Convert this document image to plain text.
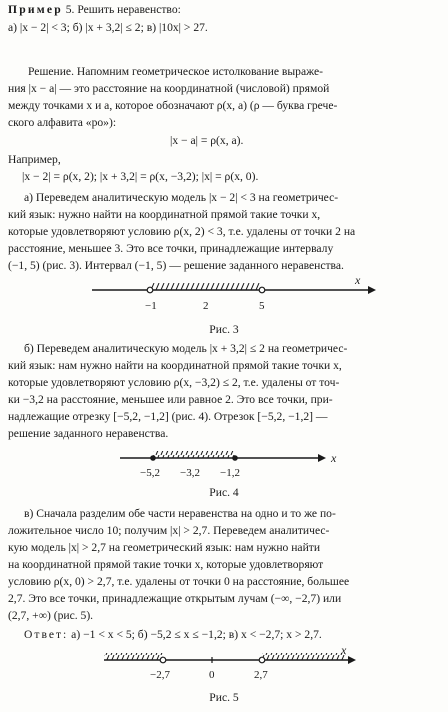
Пример 5. Решить неравенство:
а) |x − 2| < 3; б) |x + 3,2| ≤ 2; в) |10x| > 27.
Решение. Напомним геометрическое истолкование выраже-
ния |x − a| — это расстояние на координатной (числовой) прямой
между точками x и a, которое обозначают ρ(x, a) (ρ — буква грече-
ского алфавита «ро»):
|x − a| = ρ(x, a).
Например,
|x − 2| = ρ(x, 2); |x + 3,2| = ρ(x, −3,2); |x| = ρ(x, 0).
а) Переведем аналитическую модель |x − 2| < 3 на геометричес-
кий язык: нужно найти на координатной прямой такие точки x,
которые удовлетворяют условию ρ(x, 2) < 3, т.е. удалены от точки 2 на
расстояние, меньшее 3. Это все точки, принадлежащие интервалу
(−1, 5) (рис. 3). Интервал (−1, 5) — решение заданного неравенства.
−1	2	5
x
Рис. 3
б) Переведем аналитическую модель |x + 3,2| ≤ 2 на геометричес-
кий язык: нам нужно найти на координатной прямой такие точки x,
которые удовлетворяют условию ρ(x, −3,2) ≤ 2, т.е. удалены от точ-
ки −3,2 на расстояние, меньшее или равное 2. Это все точки, при-
надлежащие отрезку [−5,2, −1,2] (рис. 4). Отрезок [−5,2, −1,2] —
решение заданного неравенства.
−5,2 −3,2 −1,2
x
Рис. 4
в) Сначала разделим обе части неравенства на одно и то же по-
ложительное число 10; получим |x| > 2,7. Переведем аналитичес-
кую модель |x| > 2,7 на геометрический язык: нам нужно найти
на координатной прямой такие точки x, которые удовлетворяют
условию ρ(x, 0) > 2,7, т.е. удалены от точки 0 на расстояние, большее
2,7. Это все точки, принадлежащие открытым лучам (−∞, −2,7) или
(2,7, +∞) (рис. 5).
Ответ: а) −1 < x < 5; б) −5,2 ≤ x ≤ −1,2; в) x < −2,7; x > 2,7.
−2,7	0	2,7
x
Рис. 5
